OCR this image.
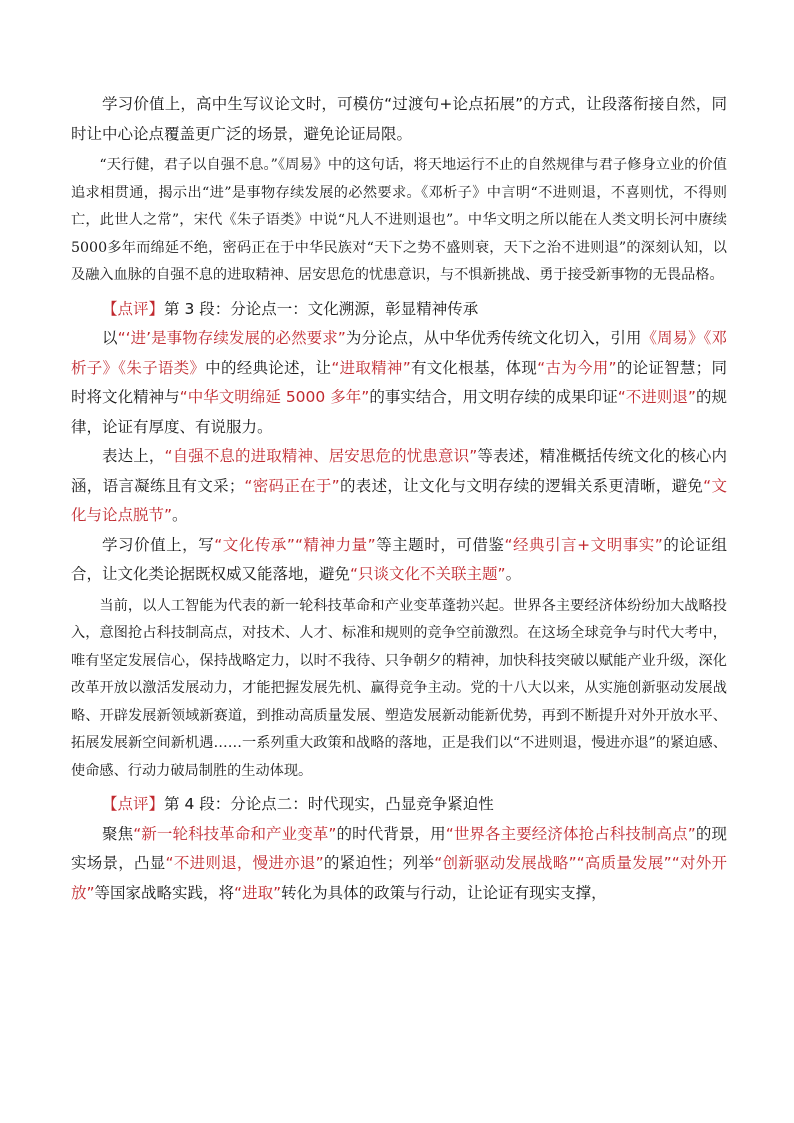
学习价值上，高中生写议论文时，可模仿“过渡句+论点拓展”的方式，让段落衔接自然，同时让中心论点覆盖更广泛的场景，避免论证局限。

“天行健，君子以自强不息。”《周易》中的这句话，将天地运行不止的自然规律与君子修身立业的价值追求相贯通，揭示出“进”是事物存续发展的必然要求。《邓析子》中言明“不进则退，不喜则忧，不得则亡，此世人之常”，宋代《朱子语类》中说“凡人不进则退也”。中华文明之所以能在人类文明长河中赓续5000多年而绵延不绝，密码正在于中华民族对“天下之势不盛则衰，天下之治不进则退”的深刻认知，以及融入血脉的自强不息的进取精神、居安思危的忧患意识，与不惧新挑战、勇于接受新事物的无畏品格。

【点评】第 3 段：分论点一：文化溯源，彰显精神传承

以“‘进’是事物存续发展的必然要求”为分论点，从中华优秀传统文化切入，引用《周易》《邓析子》《朱子语类》中的经典论述，让“进取精神”有文化根基，体现“古为今用”的论证智慧；同时将文化精神与“中华文明绵延 5000 多年”的事实结合，用文明存续的成果印证“不进则退”的规律，论证有厚度、有说服力。

表达上，“自强不息的进取精神、居安思危的忧患意识”等表述，精准概括传统文化的核心内涵，语言凝练且有文采；“密码正在于”的表述，让文化与文明存续的逻辑关系更清晰，避免“文化与论点脱节”。

学习价值上，写“文化传承”“精神力量”等主题时，可借鉴“经典引言+文明事实”的论证组合，让文化类论据既权威又能落地，避免“只谈文化不关联主题”。

当前，以人工智能为代表的新一轮科技革命和产业变革蓬勃兴起。世界各主要经济体纷纷加大战略投入，意图抢占科技制高点，对技术、人才、标准和规则的竞争空前激烈。在这场全球竞争与时代大考中，唯有坚定发展信心，保持战略定力，以时不我待、只争朝夕的精神，加快科技突破以赋能产业升级，深化改革开放以激活发展动力，才能把握发展先机、赢得竞争主动。党的十八大以来，从实施创新驱动发展战略、开辟发展新领域新赛道，到推动高质量发展、塑造发展新动能新优势，再到不断提升对外开放水平、拓展发展新空间新机遇……一系列重大政策和战略的落地，正是我们以“不进则退，慢进亦退”的紧迫感、使命感、行动力破局制胜的生动体现。

【点评】第 4 段：分论点二：时代现实，凸显竞争紧迫性

聚焦“新一轮科技革命和产业变革”的时代背景，用“世界各主要经济体抢占科技制高点”的现实场景，凸显“不进则退，慢进亦退”的紧迫性；列举“创新驱动发展战略”“高质量发展”“对外开放”等国家战略实践，将“进取”转化为具体的政策与行动，让论证有现实支撑，
